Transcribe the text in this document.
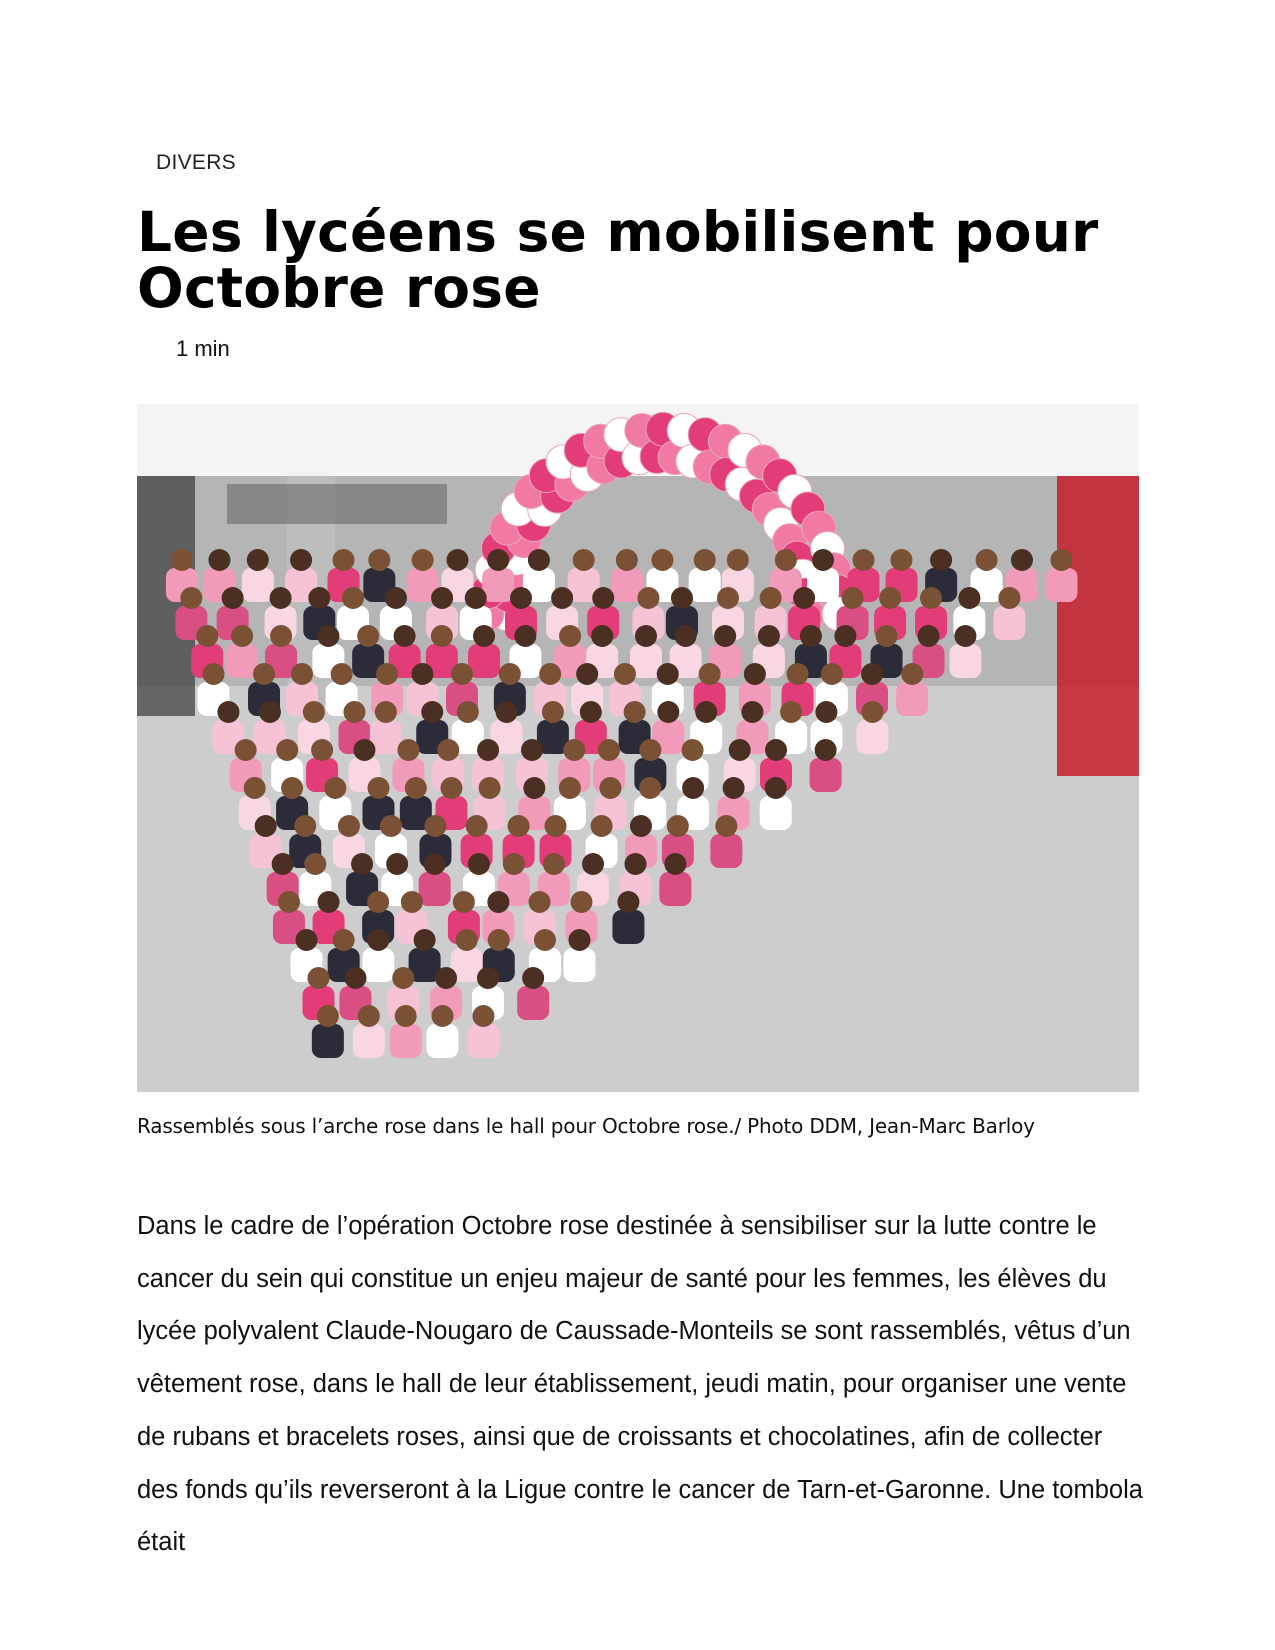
DIVERS
Les lycéens se mobilisent pour Octobre rose
1 min
Rassemblés sous l’arche rose dans le hall pour Octobre rose./ Photo DDM, Jean-Marc Barloy

Dans le cadre de l’opération Octobre rose destinée à sensibiliser sur la lutte contre le cancer du sein qui constitue un enjeu majeur de santé pour les femmes, les élèves du lycée polyvalent Claude-Nougaro de Caussade-Monteils se sont rassemblés, vêtus d’un vêtement rose, dans le hall de leur établissement, jeudi matin, pour organiser une vente de rubans et bracelets roses, ainsi que de croissants et chocolatines, afin de collecter des fonds qu’ils reverseront à la Ligue contre le cancer de Tarn-et-Garonne. Une tombola était
